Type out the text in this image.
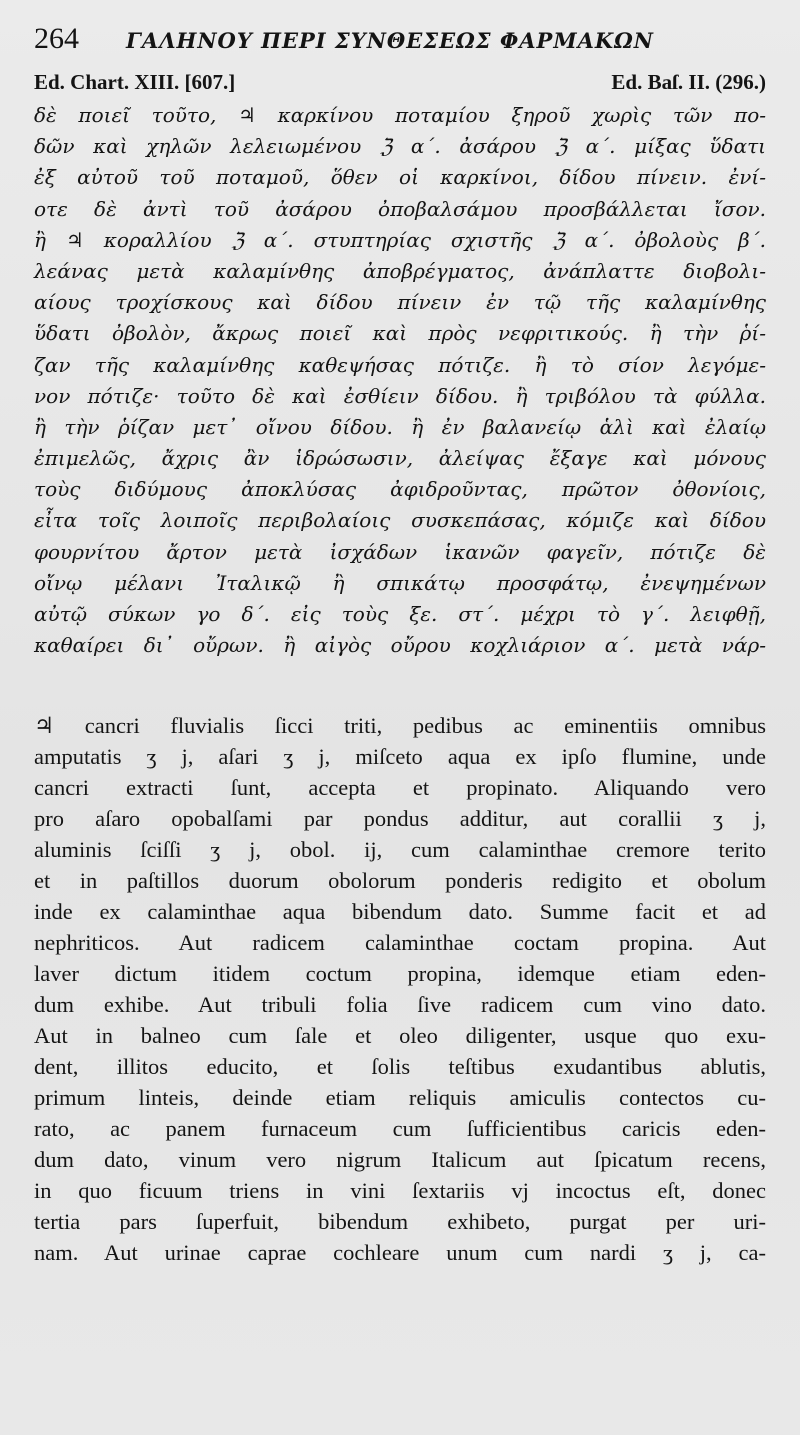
264	ΓΑΛΗΝΟΥ ΠΕΡΙ ΣΥΝΘΕΣΕΩΣ ΦΑΡΜΑΚΩΝ
Ed. Chart. XIII. [607.]	Ed. Baſ. II. (296.)
δὲ ποιεῖ τοῦτο, ♃ καρκίνου ποταμίου ξηροῦ χωρὶς τῶν πο-
δῶν καὶ χηλῶν λελειωμένου ℨ α΄. ἀσάρου ℨ α΄. μίξας ὕδατι
ἐξ αὐτοῦ τοῦ ποταμοῦ, ὅθεν οἱ καρκίνοι, δίδου πίνειν. ἐνί-
οτε δὲ ἀντὶ τοῦ ἀσάρου ὀποβαλσάμου προσβάλλεται ἴσον.
ἢ ♃ κοραλλίου ℨ α΄. στυπτηρίας σχιστῆς ℨ α΄. ὀβολοὺς β΄.
λεάνας μετὰ καλαμίνθης ἀποβρέγματος, ἀνάπλαττε διοβολι-
αίους τροχίσκους καὶ δίδου πίνειν ἐν τῷ τῆς καλαμίνθης
ὕδατι ὀβολὸν, ἄκρως ποιεῖ καὶ πρὸς νεφριτικούς. ἢ τὴν ῥί-
ζαν τῆς καλαμίνθης καθεψήσας πότιζε. ἢ τὸ σίον λεγόμε-
νον πότιζε· τοῦτο δὲ καὶ ἐσθίειν δίδου. ἢ τριβόλου τὰ φύλλα.
ἢ τὴν ῥίζαν μετ᾽ οἴνου δίδου. ἢ ἐν βαλανείῳ ἁλὶ καὶ ἐλαίῳ
ἐπιμελῶς, ἄχρις ἂν ἱδρώσωσιν, ἀλείψας ἔξαγε καὶ μόνους
τοὺς διδύμους ἀποκλύσας ἀφιδροῦντας, πρῶτον ὀθονίοις,
εἶτα τοῖς λοιποῖς περιβολαίοις συσκεπάσας, κόμιζε καὶ δίδου
φουρνίτου ἄρτον μετὰ ἰσχάδων ἱκανῶν φαγεῖν, πότιζε δὲ
οἴνῳ μέλανι Ἰταλικῷ ἢ σπικάτῳ προσφάτῳ, ἐνεψημένων
αὐτῷ σύκων γο δ΄. εἰς τοὺς ξε. στ΄. μέχρι τὸ γ΄. λειφθῇ,
καθαίρει δι᾽ οὔρων. ἢ αἰγὸς οὔρου κοχλιάριον α΄. μετὰ νάρ-
♃ cancri fluvialis ſicci triti, pedibus ac eminentiis omnibus
amputatis ʒ j, aſari ʒ j, miſceto aqua ex ipſo flumine, unde
cancri extracti ſunt, accepta et propinato. Aliquando vero
pro aſaro opobalſami par pondus additur, aut corallii ʒ j,
aluminis ſciſſi ʒ j, obol. ij, cum calaminthae cremore terito
et in paſtillos duorum obolorum ponderis redigito et obolum
inde ex calaminthae aqua bibendum dato. Summe facit et ad
nephriticos. Aut radicem calaminthae coctam propina. Aut
laver dictum itidem coctum propina, idemque etiam eden-
dum exhibe. Aut tribuli folia ſive radicem cum vino dato.
Aut in balneo cum ſale et oleo diligenter, usque quo exu-
dent, illitos educito, et ſolis teſtibus exudantibus ablutis,
primum linteis, deinde etiam reliquis amiculis contectos cu-
rato, ac panem furnaceum cum ſufficientibus caricis eden-
dum dato, vinum vero nigrum Italicum aut ſpicatum recens,
in quo ficuum triens in vini ſextariis vj incoctus eſt, donec
tertia pars ſuperfuit, bibendum exhibeto, purgat per uri-
nam. Aut urinae caprae cochleare unum cum nardi ʒ j, ca-
